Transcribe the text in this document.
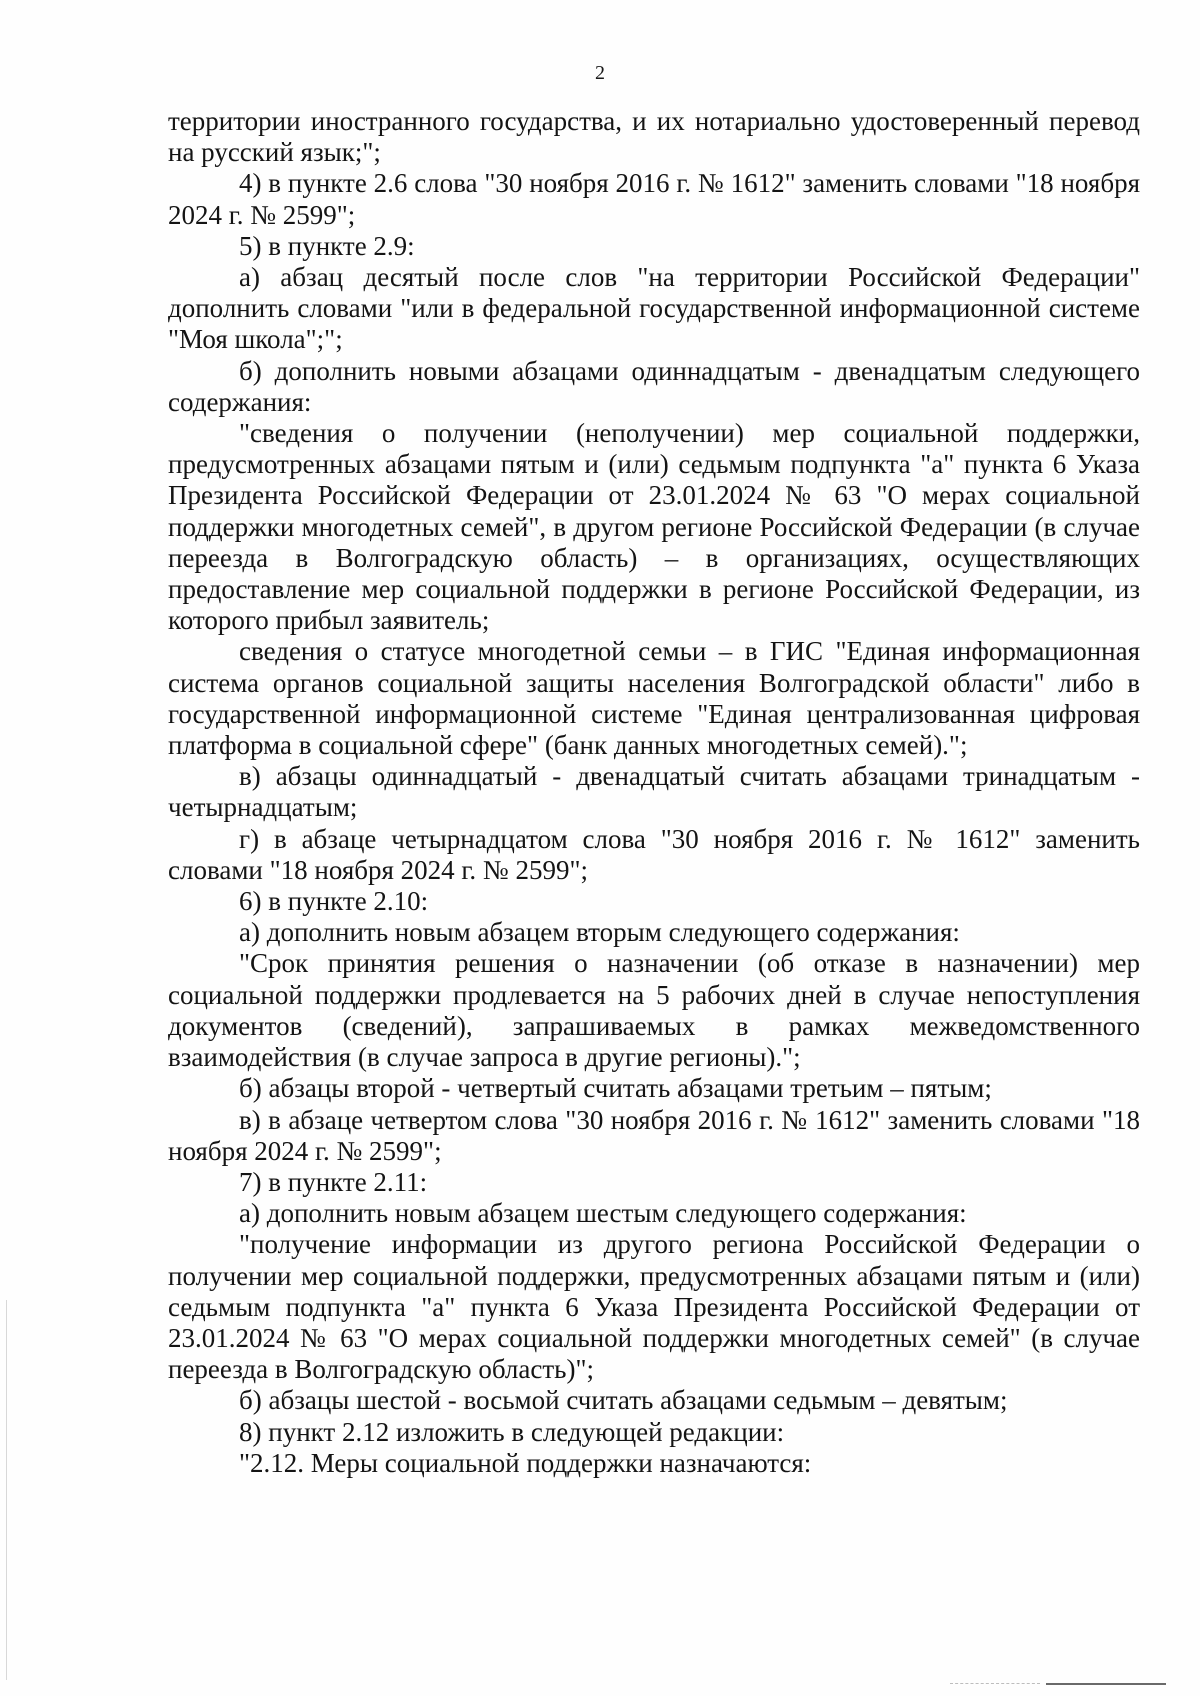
2

территории иностранного государства, и их нотариально удостоверенный перевод на русский язык;";

4) в пункте 2.6 слова "30 ноября 2016 г. № 1612" заменить словами "18 ноября 2024 г. № 2599";

5) в пункте 2.9:

а) абзац десятый после слов "на территории Российской Федерации" дополнить словами "или в федеральной государственной информационной системе "Моя школа";";

б) дополнить новыми абзацами одиннадцатым - двенадцатым следующего содержания:

"сведения о получении (неполучении) мер социальной поддержки, предусмотренных абзацами пятым и (или) седьмым подпункта "а" пункта 6 Указа Президента Российской Федерации от 23.01.2024 № 63 "О мерах социальной поддержки многодетных семей", в другом регионе Российской Федерации (в случае переезда в Волгоградскую область) – в организациях, осуществляющих предоставление мер социальной поддержки в регионе Российской Федерации, из которого прибыл заявитель;

сведения о статусе многодетной семьи – в ГИС "Единая информационная система органов социальной защиты населения Волгоградской области" либо в государственной информационной системе "Единая централизованная цифровая платформа в социальной сфере" (банк данных многодетных семей).";

в) абзацы одиннадцатый - двенадцатый считать абзацами тринадцатым - четырнадцатым;

г) в абзаце четырнадцатом слова "30 ноября 2016 г. № 1612" заменить словами "18 ноября 2024 г. № 2599";

6) в пункте 2.10:

а) дополнить новым абзацем вторым следующего содержания:

"Срок принятия решения о назначении (об отказе в назначении) мер социальной поддержки продлевается на 5 рабочих дней в случае непоступления документов (сведений), запрашиваемых в рамках межведомственного взаимодействия (в случае запроса в другие регионы).";

б) абзацы второй - четвертый считать абзацами третьим – пятым;

в) в абзаце четвертом слова "30 ноября 2016 г. № 1612" заменить словами "18 ноября 2024 г. № 2599";

7) в пункте 2.11:

а) дополнить новым абзацем шестым следующего содержания:

"получение информации из другого региона Российской Федерации о получении мер социальной поддержки, предусмотренных абзацами пятым и (или) седьмым подпункта "а" пункта 6 Указа Президента Российской Федерации от 23.01.2024 № 63 "О мерах социальной поддержки многодетных семей" (в случае переезда в Волгоградскую область)";

б) абзацы шестой - восьмой считать абзацами седьмым – девятым;

8) пункт 2.12 изложить в следующей редакции:

"2.12. Меры социальной поддержки назначаются:
